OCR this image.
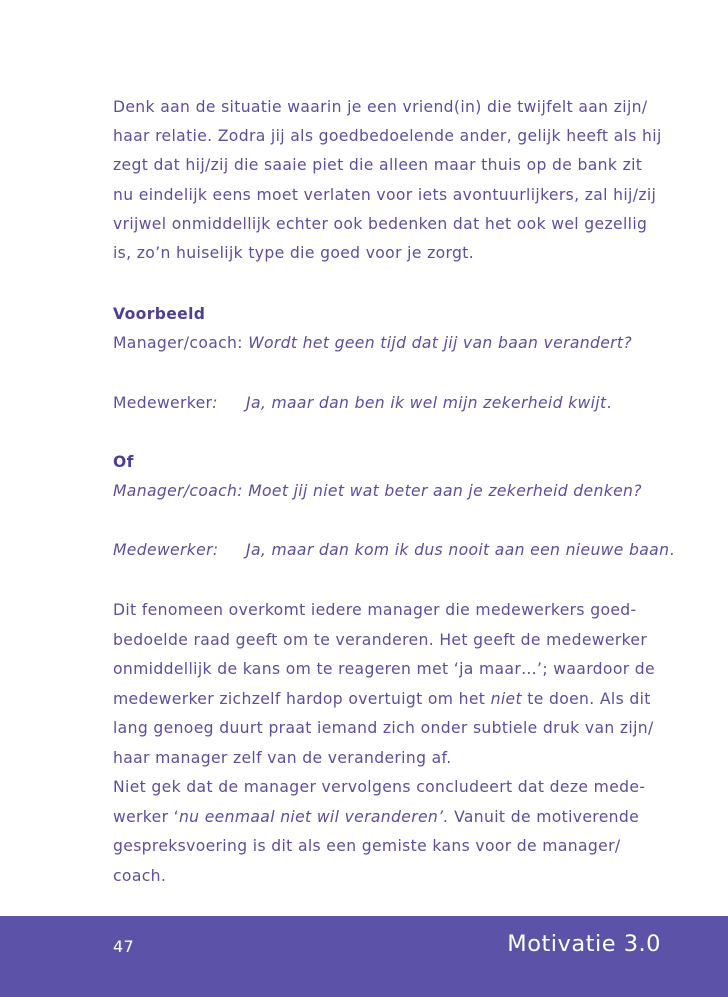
Denk aan de situatie waarin je een vriend(in) die twijfelt aan zijn/
haar relatie. Zodra jij als goedbedoelende ander, gelijk heeft als hij
zegt dat hij/zij die saaie piet die alleen maar thuis op de bank zit
nu eindelijk eens moet verlaten voor iets avontuurlijkers, zal hij/zij
vrijwel onmiddellijk echter ook bedenken dat het ook wel gezellig
is, zo’n huiselijk type die goed voor je zorgt.
Voorbeeld
Manager/coach: Wordt het geen tijd dat jij van baan verandert?
Medewerker: Ja, maar dan ben ik wel mijn zekerheid kwijt.
Of
Manager/coach: Moet jij niet wat beter aan je zekerheid denken?
Medewerker: Ja, maar dan kom ik dus nooit aan een nieuwe baan.
Dit fenomeen overkomt iedere manager die medewerkers goed-
bedoelde raad geeft om te veranderen. Het geeft de medewerker
onmiddellijk de kans om te reageren met ‘ja maar…’; waardoor de
medewerker zichzelf hardop overtuigt om het niet te doen. Als dit
lang genoeg duurt praat iemand zich onder subtiele druk van zijn/
haar manager zelf van de verandering af.
Niet gek dat de manager vervolgens concludeert dat deze mede-
werker ‘nu eenmaal niet wil veranderen’. Vanuit de motiverende
gespreksvoering is dit als een gemiste kans voor de manager/
coach.
47	Motivatie 3.0
